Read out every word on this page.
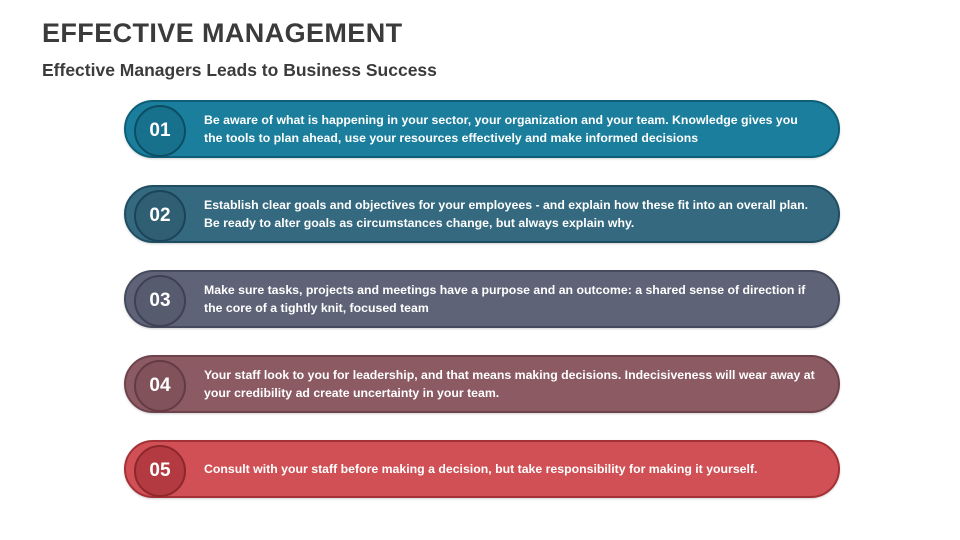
EFFECTIVE MANAGEMENT
Effective Managers Leads to Business Success
01
Be aware of what is happening in your sector, your organization and your team. Knowledge gives you the tools to plan ahead, use your resources effectively and make informed decisions
02
Establish clear goals and objectives for your employees - and explain how these fit into an overall plan. Be ready to alter goals as circumstances change, but always explain why.
03
Make sure tasks, projects and meetings have a purpose and an outcome: a shared sense of direction if the core of a tightly knit, focused team
04
Your staff look to you for leadership, and that means making decisions. Indecisiveness will wear away at your credibility ad create uncertainty in your team.
05	Consult with your staff before making a decision, but take responsibility for making it yourself.
